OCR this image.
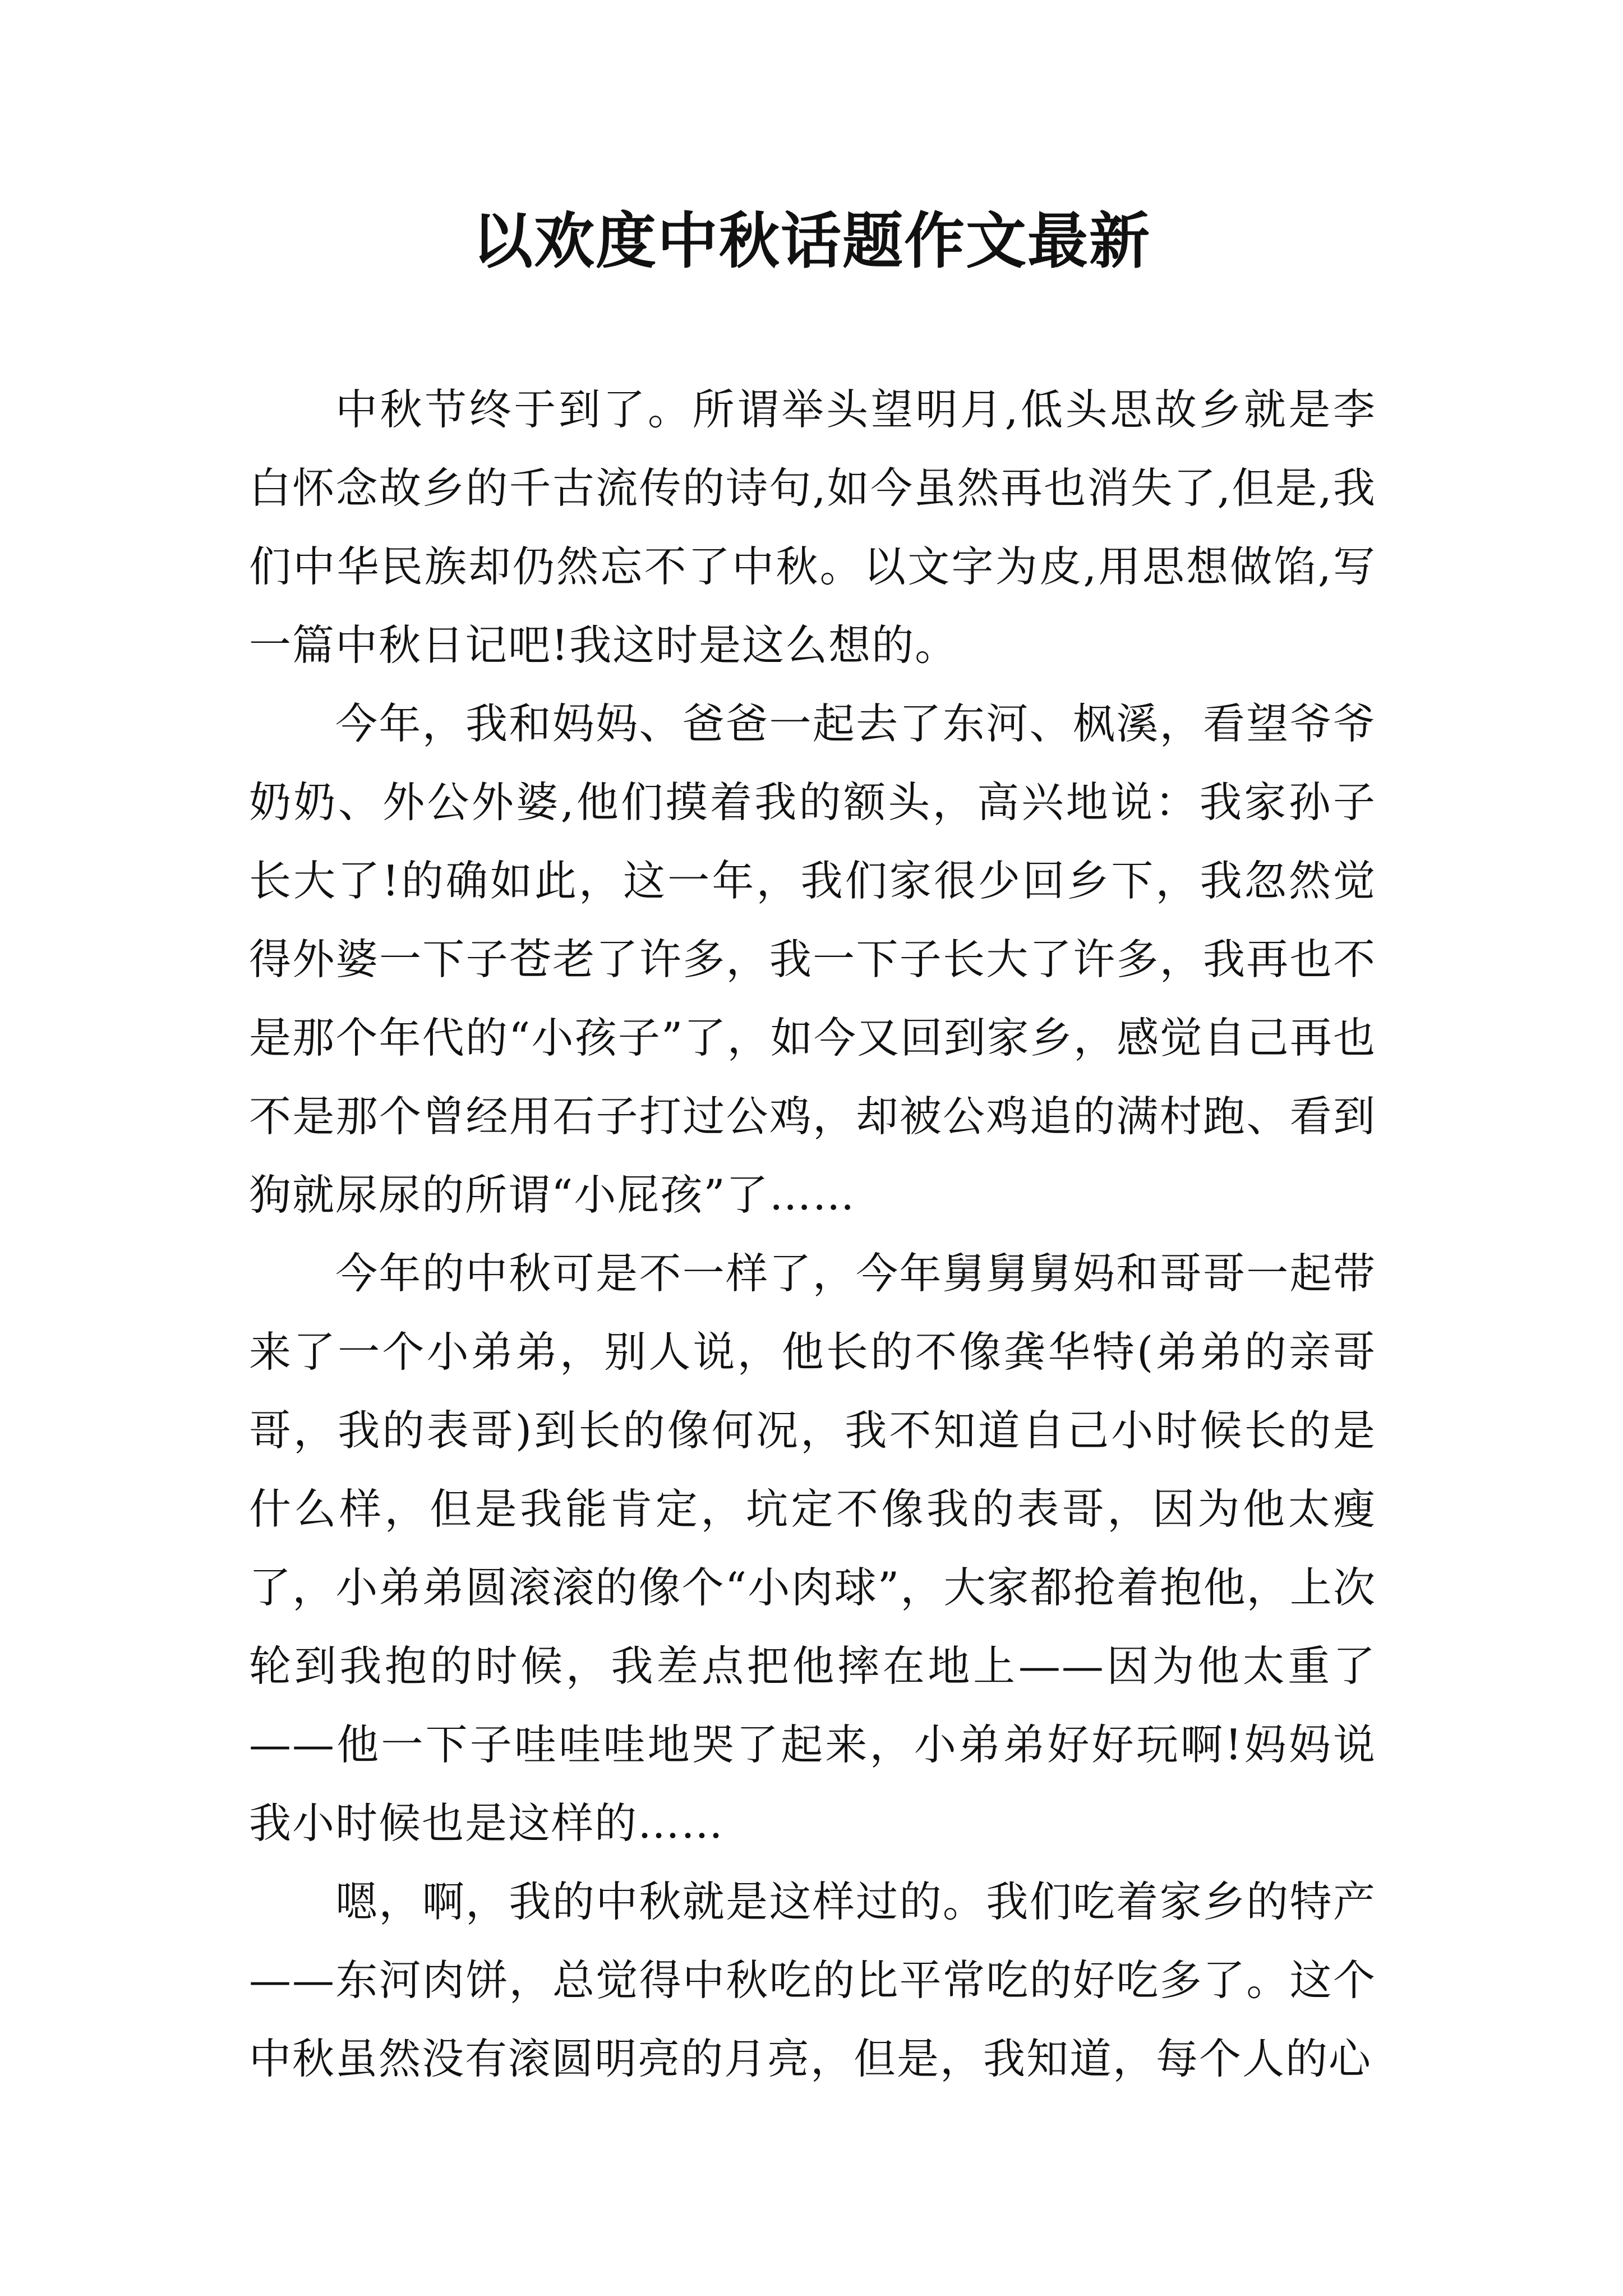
以欢度中秋话题作文最新

中秋节终于到了。所谓举头望明月,低头思故乡就是李白怀念故乡的千古流传的诗句,如今虽然再也消失了,但是,我们中华民族却仍然忘不了中秋。以文字为皮,用思想做馅,写一篇中秋日记吧!我这时是这么想的。

今年，我和妈妈、爸爸一起去了东河、枫溪，看望爷爷奶奶、外公外婆,他们摸着我的额头，高兴地说：我家孙子长大了!的确如此，这一年，我们家很少回乡下，我忽然觉得外婆一下子苍老了许多，我一下子长大了许多，我再也不是那个年代的“小孩子”了，如今又回到家乡，感觉自己再也不是那个曾经用石子打过公鸡，却被公鸡追的满村跑、看到狗就尿尿的所谓“小屁孩”了……

今年的中秋可是不一样了，今年舅舅舅妈和哥哥一起带来了一个小弟弟，别人说，他长的不像龚华特(弟弟的亲哥哥，我的表哥)到长的像何况，我不知道自己小时候长的是什么样，但是我能肯定，坑定不像我的表哥，因为他太瘦了，小弟弟圆滚滚的像个“小肉球”，大家都抢着抱他，上次轮到我抱的时候，我差点把他摔在地上——因为他太重了——他一下子哇哇哇地哭了起来，小弟弟好好玩啊!妈妈说我小时候也是这样的……

嗯，啊，我的中秋就是这样过的。我们吃着家乡的特产——东河肉饼，总觉得中秋吃的比平常吃的好吃多了。这个中秋虽然没有滚圆明亮的月亮，但是，我知道，每个人的心
